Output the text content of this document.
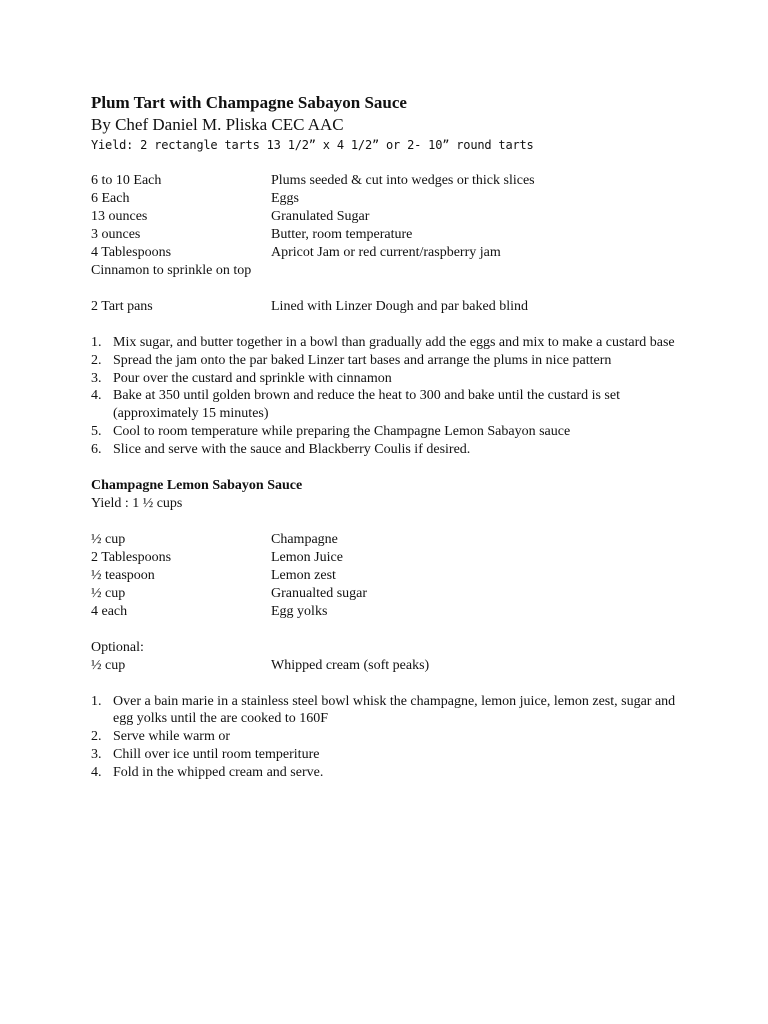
Plum Tart with Champagne Sabayon Sauce
By Chef Daniel M. Pliska CEC AAC
Yield: 2 rectangle tarts 13 1/2” x 4 1/2” or 2- 10” round tarts
6 to 10 Each	Plums seeded & cut into wedges or thick slices
6 Each	Eggs
13 ounces	Granulated Sugar
3 ounces	Butter, room temperature
4 Tablespoons	Apricot Jam or red current/raspberry jam
Cinnamon to sprinkle on top
2 Tart pans	Lined with Linzer Dough and par baked blind
1. Mix sugar, and butter together in a bowl than gradually add the eggs and mix to make a custard base
2. Spread the jam onto the par baked Linzer tart bases and arrange the plums in nice pattern
3. Pour over the custard and sprinkle with cinnamon
4. Bake at 350 until golden brown and reduce the heat to 300 and bake until the custard is set (approximately 15 minutes)
5. Cool to room temperature while preparing the Champagne Lemon Sabayon sauce
6. Slice and serve with the sauce and Blackberry Coulis if desired.
Champagne Lemon Sabayon Sauce
Yield : 1 ½ cups
½ cup	Champagne
2 Tablespoons	Lemon Juice
½ teaspoon	Lemon zest
½ cup	Granualted sugar
4 each	Egg yolks
Optional:
½ cup	Whipped cream (soft peaks)
1. Over a bain marie in a stainless steel bowl whisk the champagne, lemon juice, lemon zest, sugar and egg yolks until the are cooked to 160F
2. Serve while warm or
3. Chill over ice until room temperiture
4. Fold in the whipped cream and serve.
